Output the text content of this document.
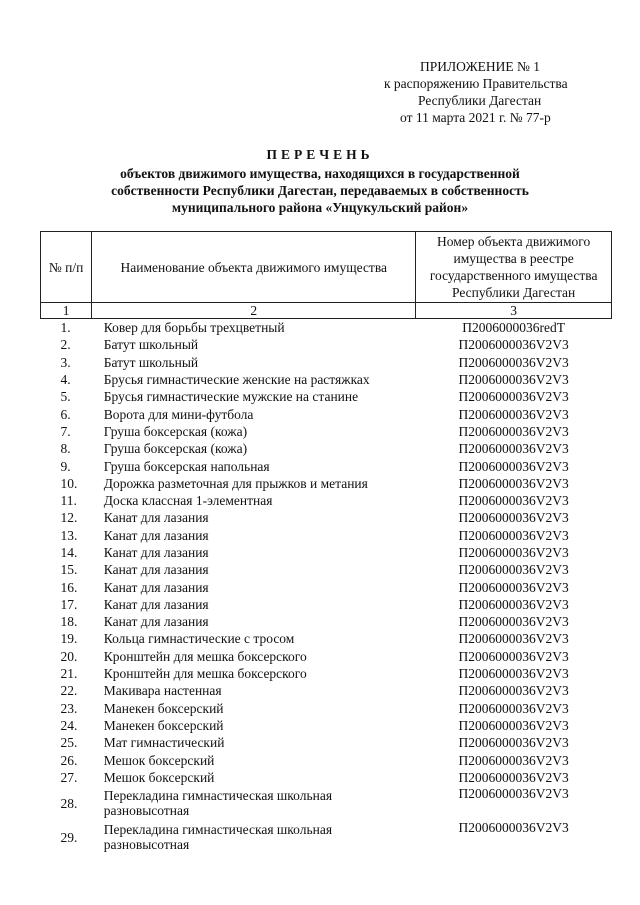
ПРИЛОЖЕНИЕ № 1
к распоряжению Правительства
Республики Дагестан
от 11 марта 2021 г. № 77-р
ПЕРЕЧЕНЬ
объектов движимого имущества, находящихся в государственной
собственности Республики Дагестан, передаваемых в собственность
муниципального района «Унцукульский район»
№ п/п	Наименование объекта движимого имущества	Номер объекта движимого имущества в реестре государственного имущества Республики Дагестан
1	2	3
1.	Ковер для борьбы трехцветный	П2006000036redT
2.	Батут школьный	П2006000036V2V3
3.	Батут школьный	П2006000036V2V3
4.	Брусья гимнастические женские на растяжках	П2006000036V2V3
5.	Брусья гимнастические мужские на станине	П2006000036V2V3
6.	Ворота для мини-футбола	П2006000036V2V3
7.	Груша боксерская (кожа)	П2006000036V2V3
8.	Груша боксерская (кожа)	П2006000036V2V3
9.	Груша боксерская напольная	П2006000036V2V3
10.	Дорожка разметочная для прыжков и метания	П2006000036V2V3
11.	Доска классная 1-элементная	П2006000036V2V3
12.	Канат для лазания	П2006000036V2V3
13.	Канат для лазания	П2006000036V2V3
14.	Канат для лазания	П2006000036V2V3
15.	Канат для лазания	П2006000036V2V3
16.	Канат для лазания	П2006000036V2V3
17.	Канат для лазания	П2006000036V2V3
18.	Канат для лазания	П2006000036V2V3
19.	Кольца гимнастические с тросом	П2006000036V2V3
20.	Кронштейн для мешка боксерского	П2006000036V2V3
21.	Кронштейн для мешка боксерского	П2006000036V2V3
22.	Макивара настенная	П2006000036V2V3
23.	Манекен боксерский	П2006000036V2V3
24.	Манекен боксерский	П2006000036V2V3
25.	Мат гимнастический	П2006000036V2V3
26.	Мешок боксерский	П2006000036V2V3
27.	Мешок боксерский	П2006000036V2V3
28.	Перекладина гимнастическая школьная разновысотная	П2006000036V2V3
29.	Перекладина гимнастическая школьная разновысотная	П2006000036V2V3
